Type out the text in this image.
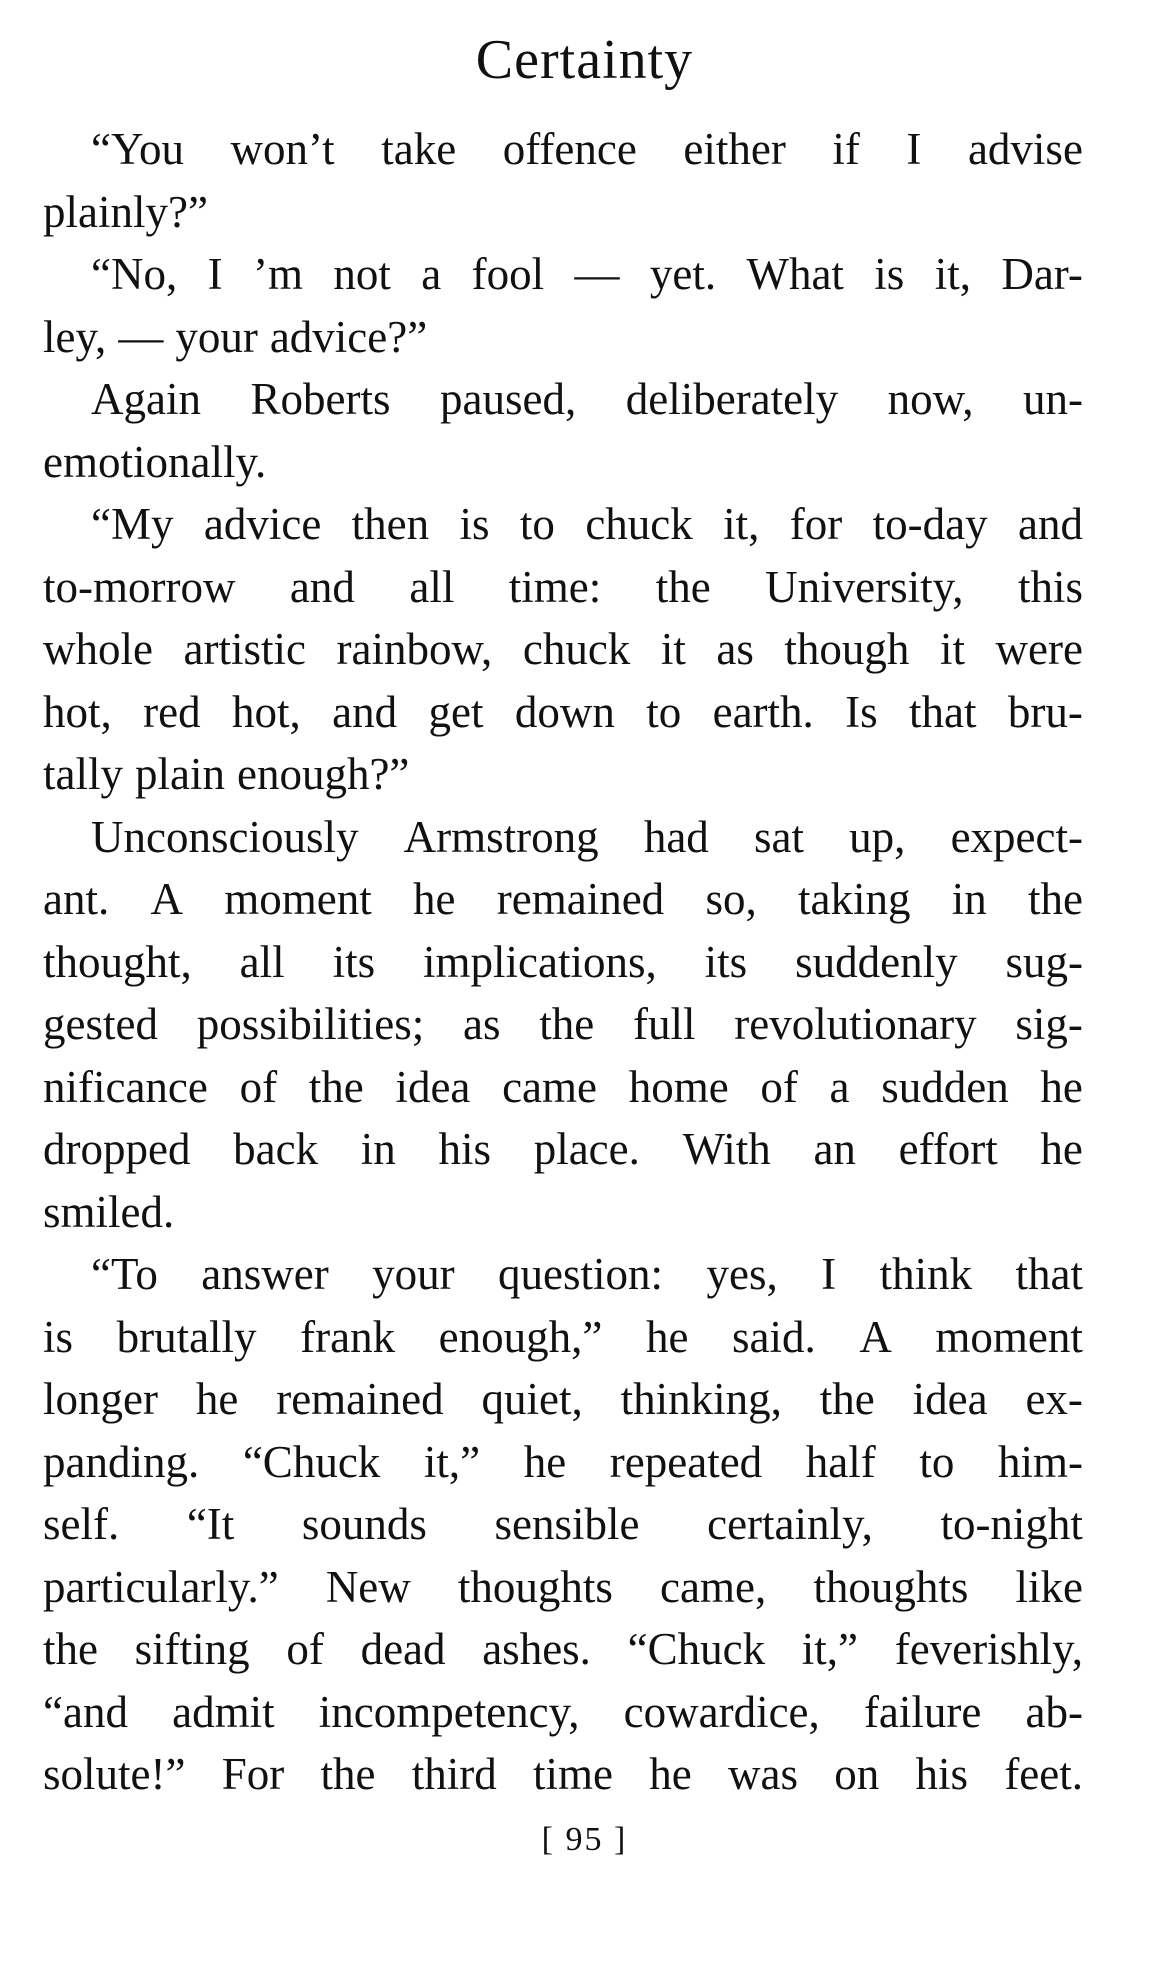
Certainty
“You won’t take offence either if I advise
plainly?”
“No, I ’m not a fool — yet. What is it, Dar-
ley, — your advice?”
Again Roberts paused, deliberately now, un-
emotionally.
“My advice then is to chuck it, for to-day and
to-morrow and all time: the University, this
whole artistic rainbow, chuck it as though it were
hot, red hot, and get down to earth. Is that bru-
tally plain enough?”
Unconsciously Armstrong had sat up, expect-
ant. A moment he remained so, taking in the
thought, all its implications, its suddenly sug-
gested possibilities; as the full revolutionary sig-
nificance of the idea came home of a sudden he
dropped back in his place. With an effort he
smiled.
“To answer your question: yes, I think that
is brutally frank enough,” he said. A moment
longer he remained quiet, thinking, the idea ex-
panding. “Chuck it,” he repeated half to him-
self. “It sounds sensible certainly, to-night
particularly.” New thoughts came, thoughts like
the sifting of dead ashes. “Chuck it,” feverishly,
“and admit incompetency, cowardice, failure ab-
solute!” For the third time he was on his feet.
[ 95 ]
